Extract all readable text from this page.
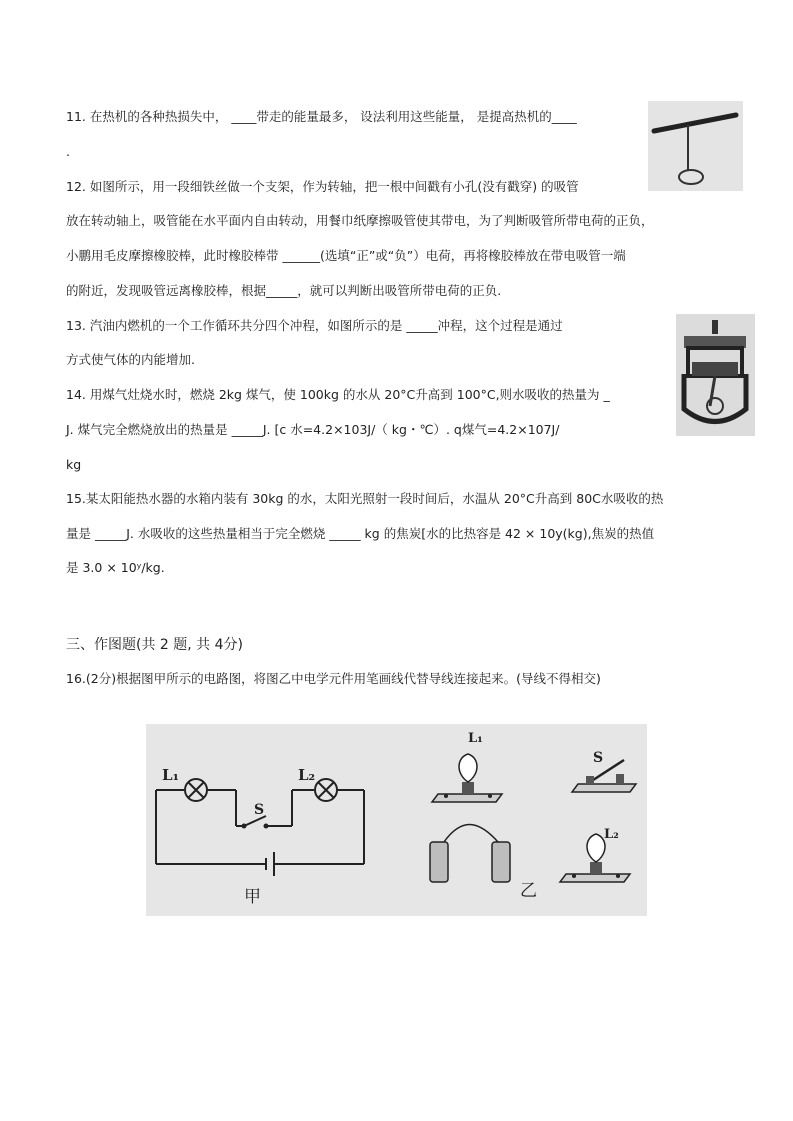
11. 在热机的各种热损失中， ____带走的能量最多， 设法利用这些能量， 是提高热机的____
.
12. 如图所示，用一段细铁丝做一个支架，作为转轴，把一根中间戳有小孔(没有戳穿) 的吸管
放在转动轴上，吸管能在水平面内自由转动，用餐巾纸摩擦吸管使其带电，为了判断吸管所带电荷的正负，
小鹏用毛皮摩擦橡胶棒，此时橡胶棒带 ______(选填“正”或“负”）电荷，再将橡胶棒放在带电吸管一端
的附近，发现吸管远离橡胶棒，根据_____，就可以判断出吸管所带电荷的正负.
13. 汽油内燃机的一个工作循环共分四个冲程，如图所示的是 _____冲程，这个过程是通过
方式使气体的内能增加.
14. 用煤气灶烧水时，燃烧 2kg 煤气，使 100kg 的水从 20°C升高到 100°C,则水吸收的热量为 _
J. 煤气完全燃烧放出的热量是 _____J. [c 水=4.2×103J/（ kg・℃）. q煤气=4.2×107J/
kg
15.某太阳能热水器的水箱内装有 30kg 的水，太阳光照射一段时间后，水温从 20°C升高到 80C水吸收的热
量是 _____J. 水吸收的这些热量相当于完全燃烧 _____ kg 的焦炭[水的比热容是 42 × 10y(kg),焦炭的热值
是 3.0 × 10ʸ/kg.
三、作图题(共 2 题, 共 4分)
16.(2分)根据图甲所示的电路图，将图乙中电学元件用笔画线代替导线连接起来。(导线不得相交)
L₁	L₂
S
甲
L₁
S
乙
L₂
